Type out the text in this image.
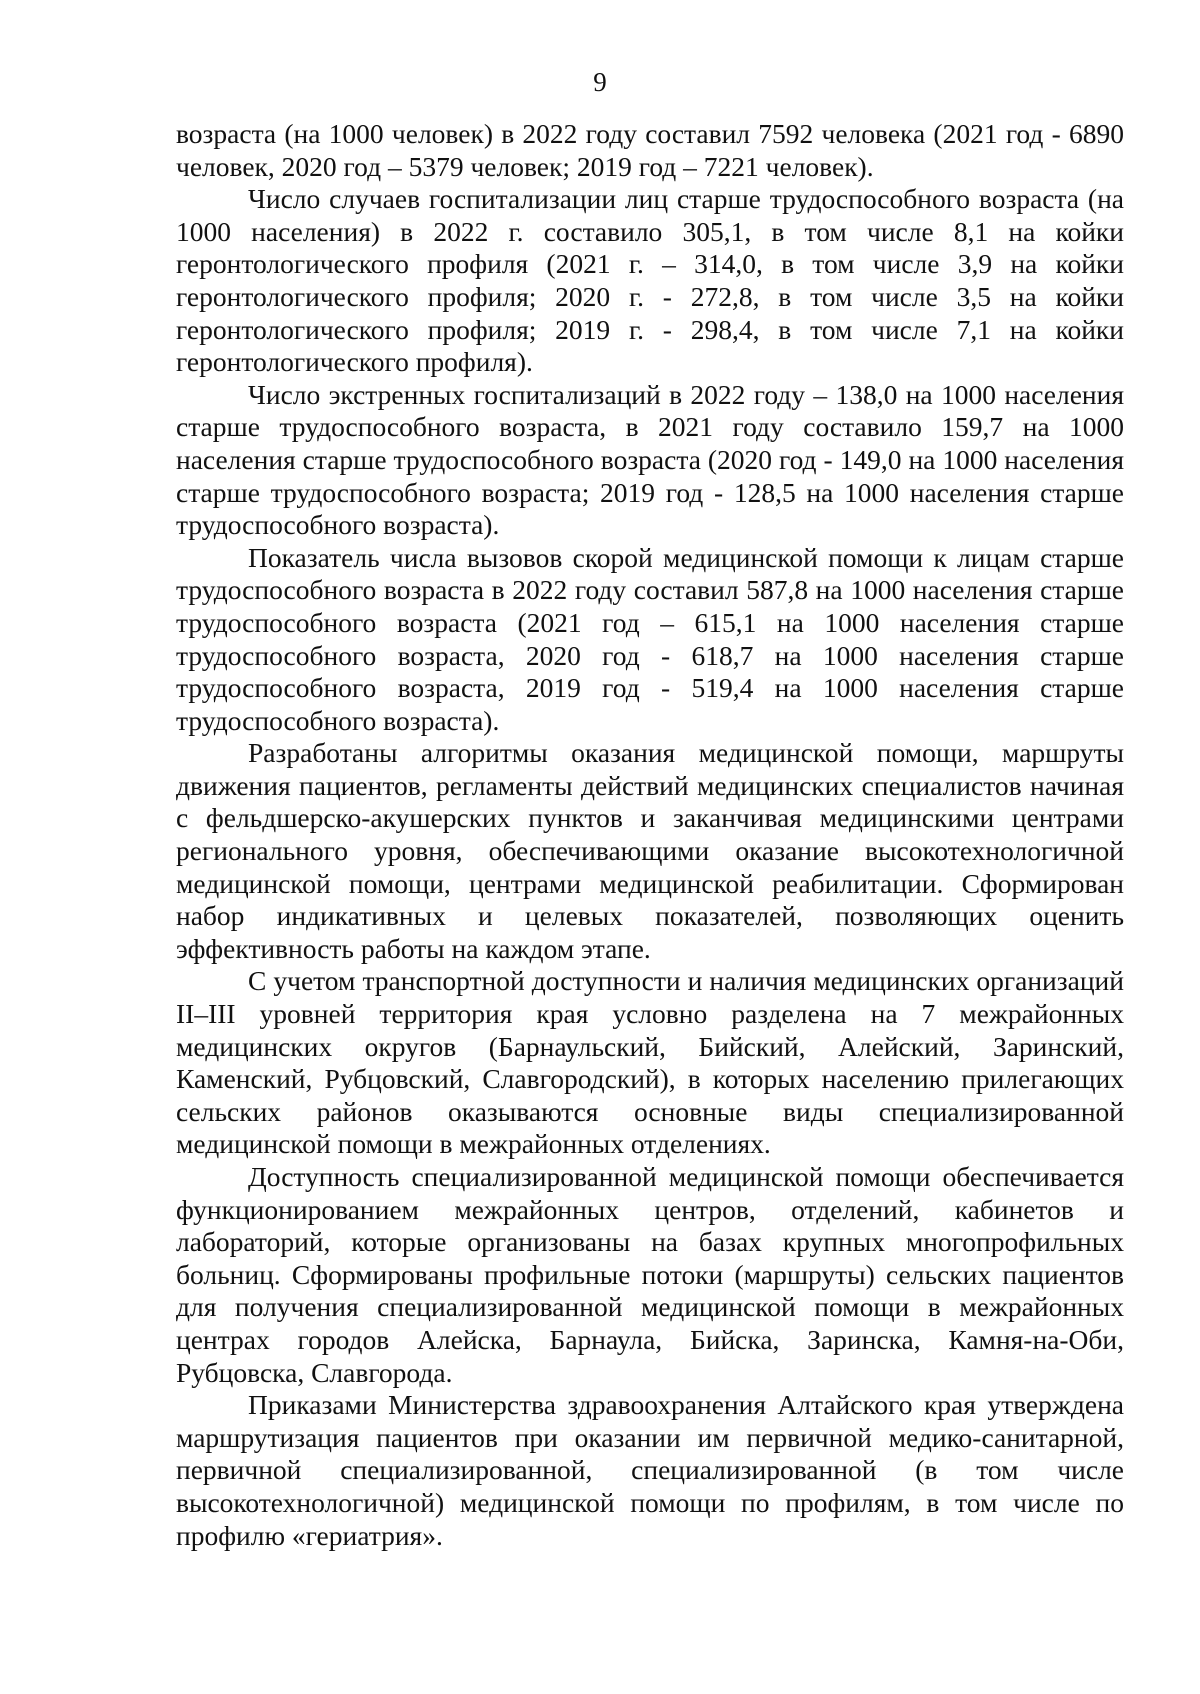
9

возраста (на 1000 человек) в 2022 году составил 7592 человека (2021 год - 6890 человек, 2020 год – 5379 человек; 2019 год – 7221 человек).

Число случаев госпитализации лиц старше трудоспособного возраста (на 1000 населения) в 2022 г. составило 305,1, в том числе 8,1 на койки геронтологического профиля (2021 г. – 314,0, в том числе 3,9 на койки геронтологического профиля; 2020 г. - 272,8, в том числе 3,5 на койки геронтологического профиля; 2019 г. - 298,4, в том числе 7,1 на койки геронтологического профиля).

Число экстренных госпитализаций в 2022 году – 138,0 на 1000 населения старше трудоспособного возраста, в 2021 году составило 159,7 на 1000 населения старше трудоспособного возраста (2020 год - 149,0 на 1000 населения старше трудоспособного возраста; 2019 год - 128,5 на 1000 населения старше трудоспособного возраста).

Показатель числа вызовов скорой медицинской помощи к лицам старше трудоспособного возраста в 2022 году составил 587,8 на 1000 населения старше трудоспособного возраста (2021 год – 615,1 на 1000 населения старше трудоспособного возраста, 2020 год - 618,7 на 1000 населения старше трудоспособного возраста, 2019 год - 519,4 на 1000 населения старше трудоспособного возраста).

Разработаны алгоритмы оказания медицинской помощи, маршруты движения пациентов, регламенты действий медицинских специалистов начиная с фельдшерско-акушерских пунктов и заканчивая медицинскими центрами регионального уровня, обеспечивающими оказание высокотехнологичной медицинской помощи, центрами медицинской реабилитации. Сформирован набор индикативных и целевых показателей, позволяющих оценить эффективность работы на каждом этапе.

С учетом транспортной доступности и наличия медицинских организаций II–III уровней территория края условно разделена на 7 межрайонных медицинских округов (Барнаульский, Бийский, Алейский, Заринский, Каменский, Рубцовский, Славгородский), в которых населению прилегающих сельских районов оказываются основные виды специализированной медицинской помощи в межрайонных отделениях.

Доступность специализированной медицинской помощи обеспечивается функционированием межрайонных центров, отделений, кабинетов и лабораторий, которые организованы на базах крупных многопрофильных больниц. Сформированы профильные потоки (маршруты) сельских пациентов для получения специализированной медицинской помощи в межрайонных центрах городов Алейска, Барнаула, Бийска, Заринска, Камня-на-Оби, Рубцовска, Славгорода.

Приказами Министерства здравоохранения Алтайского края утверждена маршрутизация пациентов при оказании им первичной медико-санитарной, первичной специализированной, специализированной (в том числе высокотехнологичной) медицинской помощи по профилям, в том числе по профилю «гериатрия».
